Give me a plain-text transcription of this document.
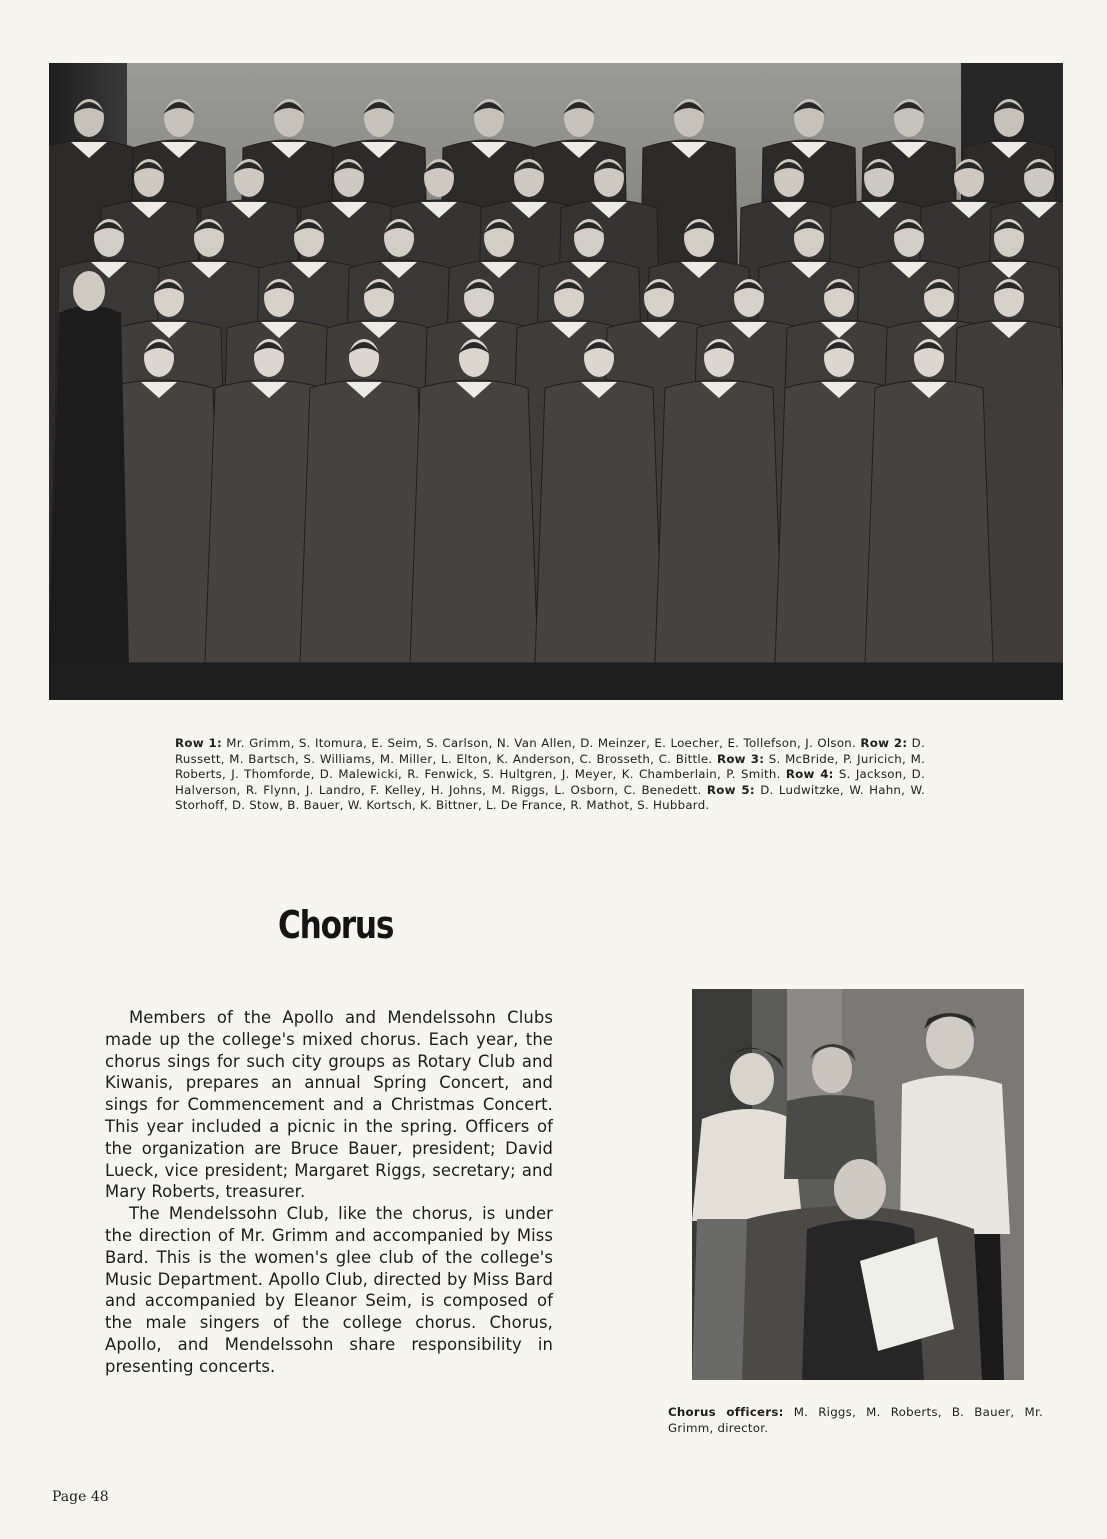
Row 1: Mr. Grimm, S. Itomura, E. Seim, S. Carlson, N. Van Allen, D. Meinzer, E. Loecher, E. Tollefson, J. Olson. Row 2: D. Russett, M. Bartsch, S. Williams, M. Miller, L. Elton, K. Anderson, C. Brosseth, C. Bittle. Row 3: S. McBride, P. Juricich, M. Roberts, J. Thomforde, D. Malewicki, R. Fenwick, S. Hultgren, J. Meyer, K. Chamberlain, P. Smith. Row 4: S. Jackson, D. Halverson, R. Flynn, J. Landro, F. Kelley, H. Johns, M. Riggs, L. Osborn, C. Benedett. Row 5: D. Ludwitzke, W. Hahn, W. Storhoff, D. Stow, B. Bauer, W. Kortsch, K. Bittner, L. De France, R. Mathot, S. Hubbard.
Chorus

Members of the Apollo and Mendelssohn Clubs made up the college's mixed chorus. Each year, the chorus sings for such city groups as Rotary Club and Kiwanis, prepares an annual Spring Concert, and sings for Commencement and a Christmas Concert. This year included a picnic in the spring. Officers of the organization are Bruce Bauer, president; David Lueck, vice president; Margaret Riggs, secretary; and Mary Roberts, treasurer.

The Mendelssohn Club, like the chorus, is under the direction of Mr. Grimm and accompanied by Miss Bard. This is the women's glee club of the college's Music Department. Apollo Club, directed by Miss Bard and accompanied by Eleanor Seim, is composed of the male singers of the college chorus. Chorus, Apollo, and Mendelssohn share responsibility in presenting concerts.

Chorus officers: M. Riggs, M. Roberts, B. Bauer, Mr. Grimm, director.
Page 48
